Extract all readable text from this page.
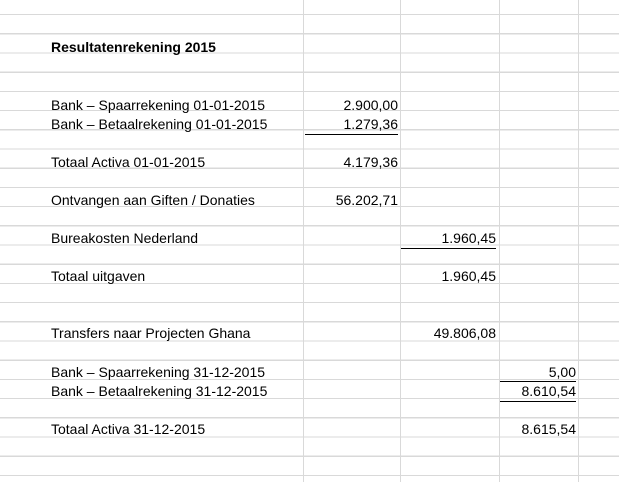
Resultatenrekening 2015
Bank – Spaarrekening 01-01-2015	2.900,00
Bank – Betaalrekening 01-01-2015	1.279,36
Totaal Activa 01-01-2015	4.179,36
Ontvangen aan Giften / Donaties	56.202,71
Bureakosten Nederland	1.960,45
Totaal uitgaven	1.960,45
Transfers naar Projecten Ghana	49.806,08
Bank – Spaarrekening 31-12-2015	5,00
Bank – Betaalrekening 31-12-2015	8.610,54
Totaal Activa 31-12-2015	8.615,54
